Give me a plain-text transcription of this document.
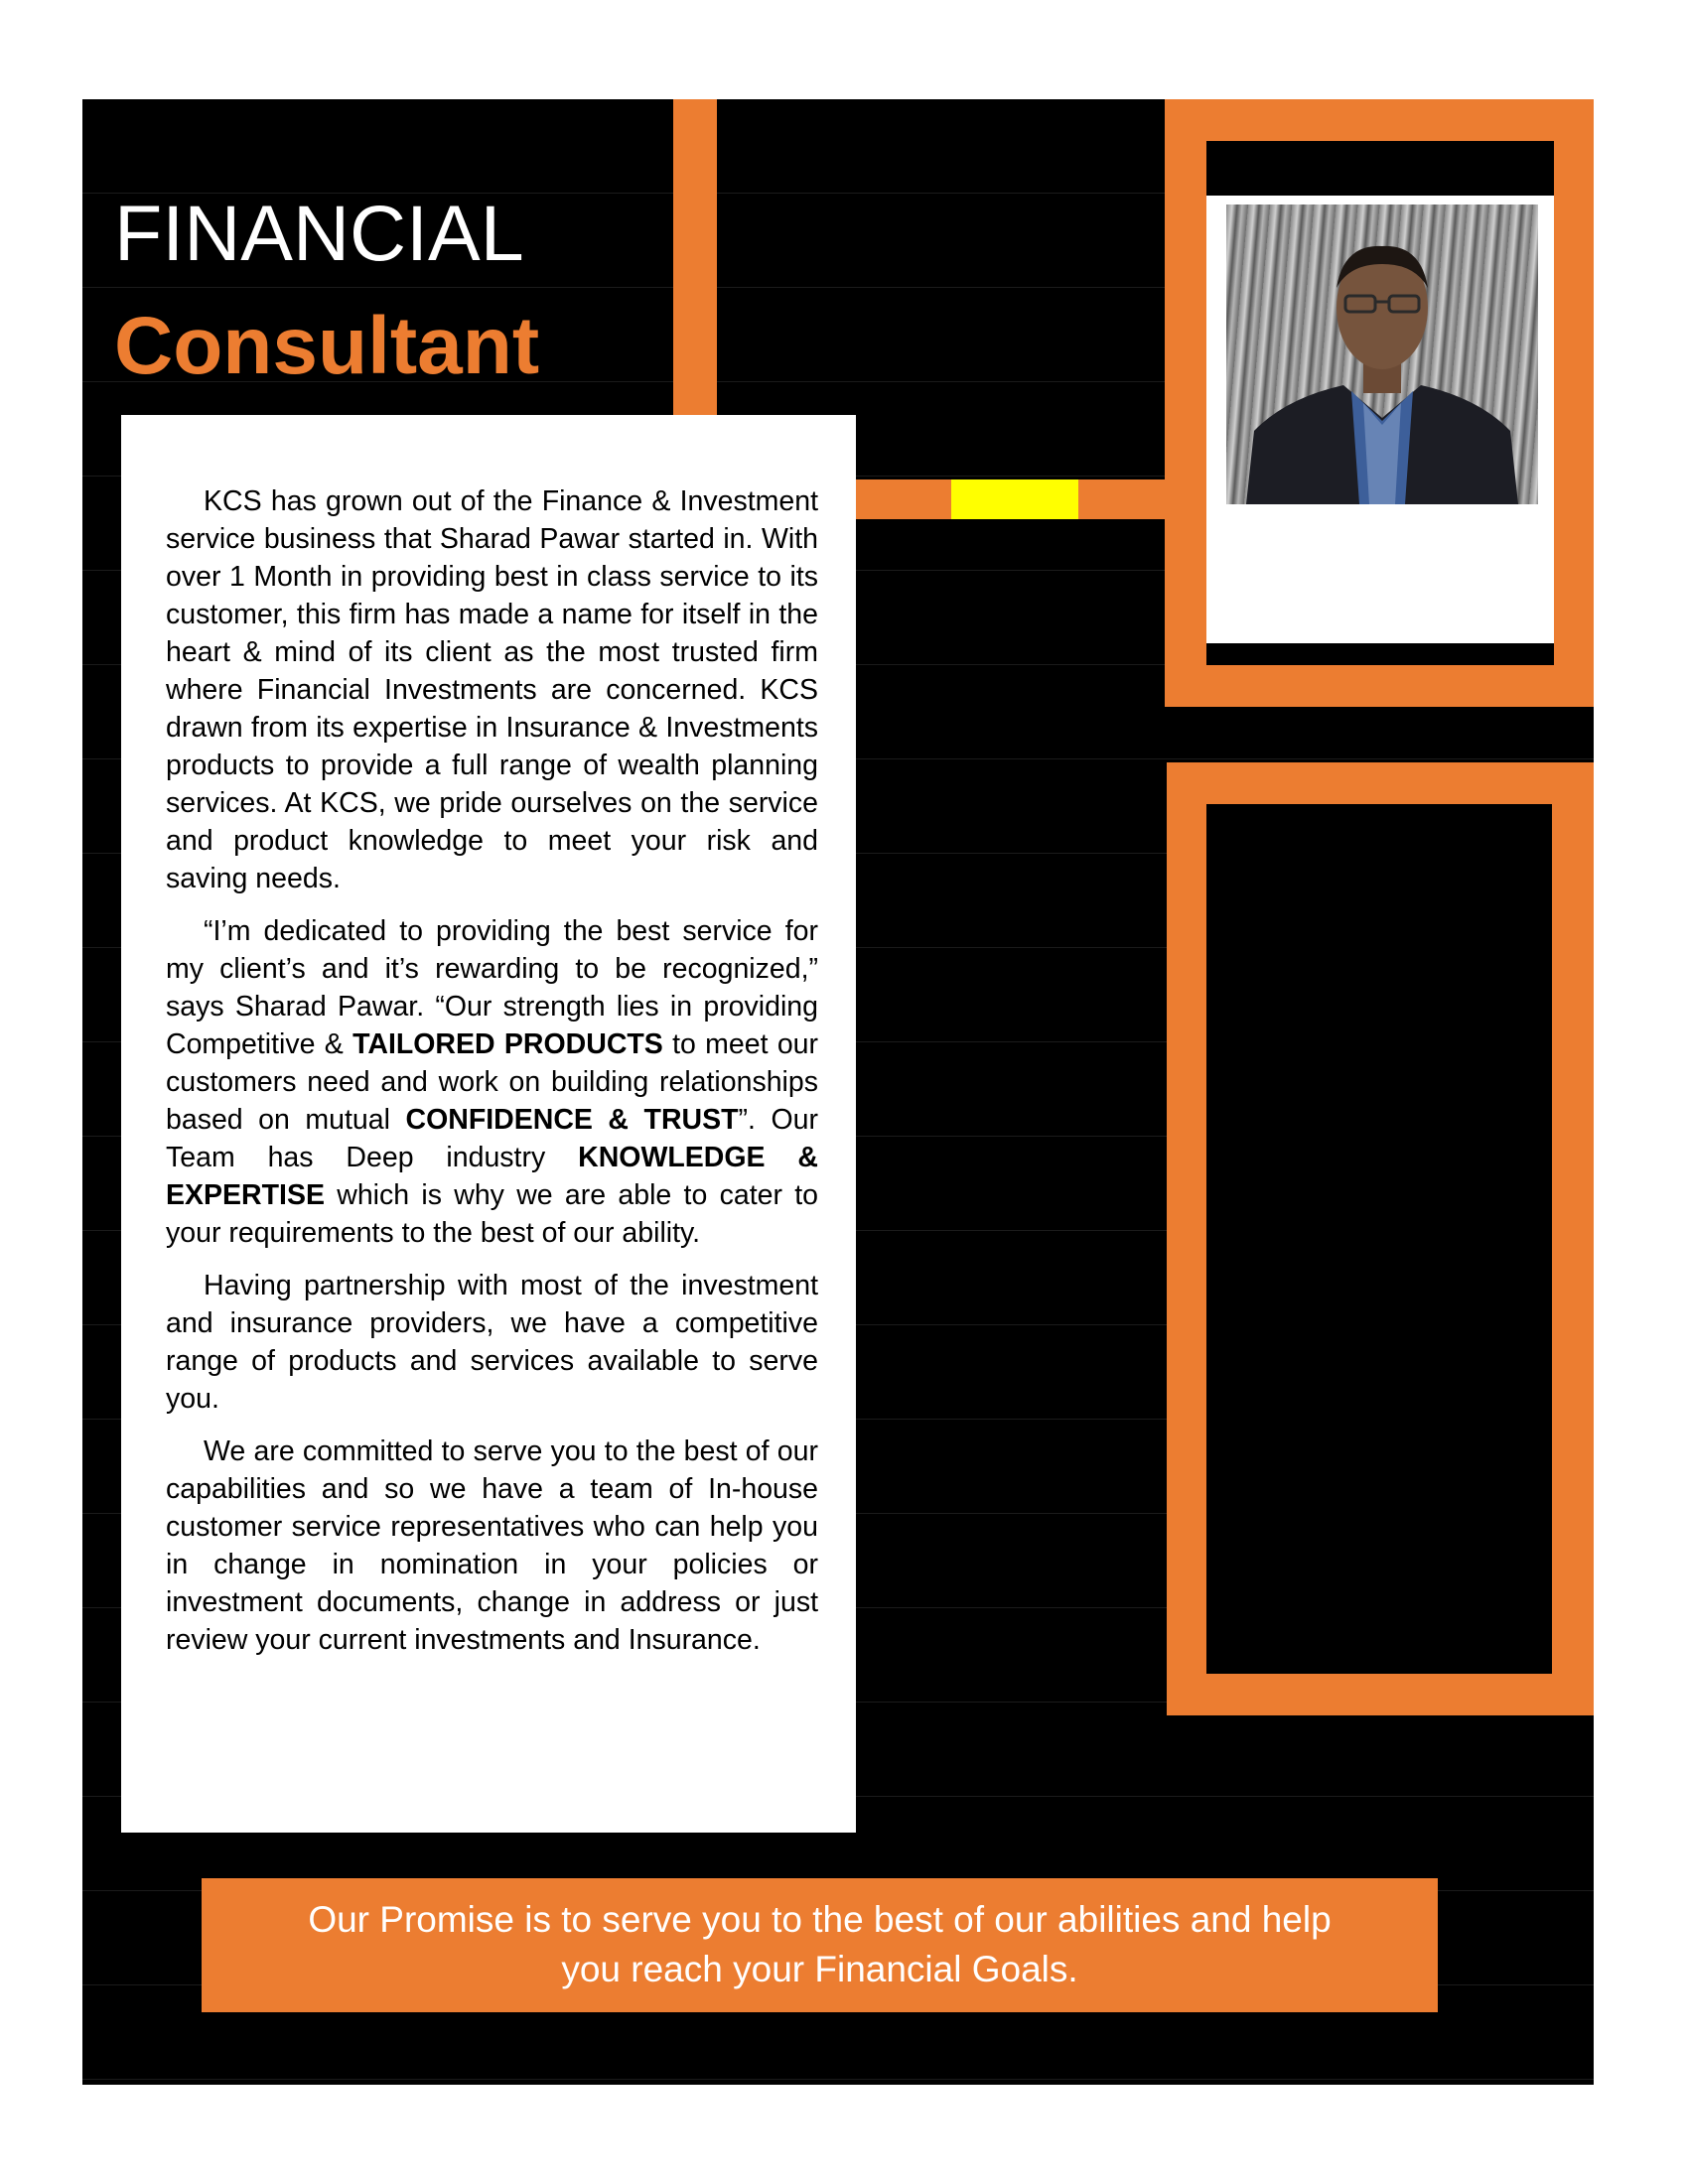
FINANCIAL
Consultant

KCS has grown out of the Finance & Investment service business that Sharad Pawar started in. With over 1 Month in providing best in class service to its customer, this firm has made a name for itself in the heart & mind of its client as the most trusted firm where Financial Investments are concerned. KCS drawn from its expertise in Insurance & Investments products to provide a full range of wealth planning services. At KCS, we pride ourselves on the service and product knowledge to meet your risk and saving needs.

“I’m dedicated to providing the best service for my client’s and it’s rewarding to be recognized,” says Sharad Pawar. “Our strength lies in providing Competitive & TAILORED PRODUCTS to meet our customers need and work on building relationships based on mutual CONFIDENCE & TRUST”. Our Team has Deep industry KNOWLEDGE & EXPERTISE which is why we are able to cater to your requirements to the best of our ability.

Having partnership with most of the investment and insurance providers, we have a competitive range of products and services available to serve you.

We are committed to serve you to the best of our capabilities and so we have a team of In-house customer service representatives who can help you in change in nomination in your policies or investment documents, change in address or just review your current investments and Insurance.

Our Promise is to serve you to the best of our abilities and help
you reach your Financial Goals.
